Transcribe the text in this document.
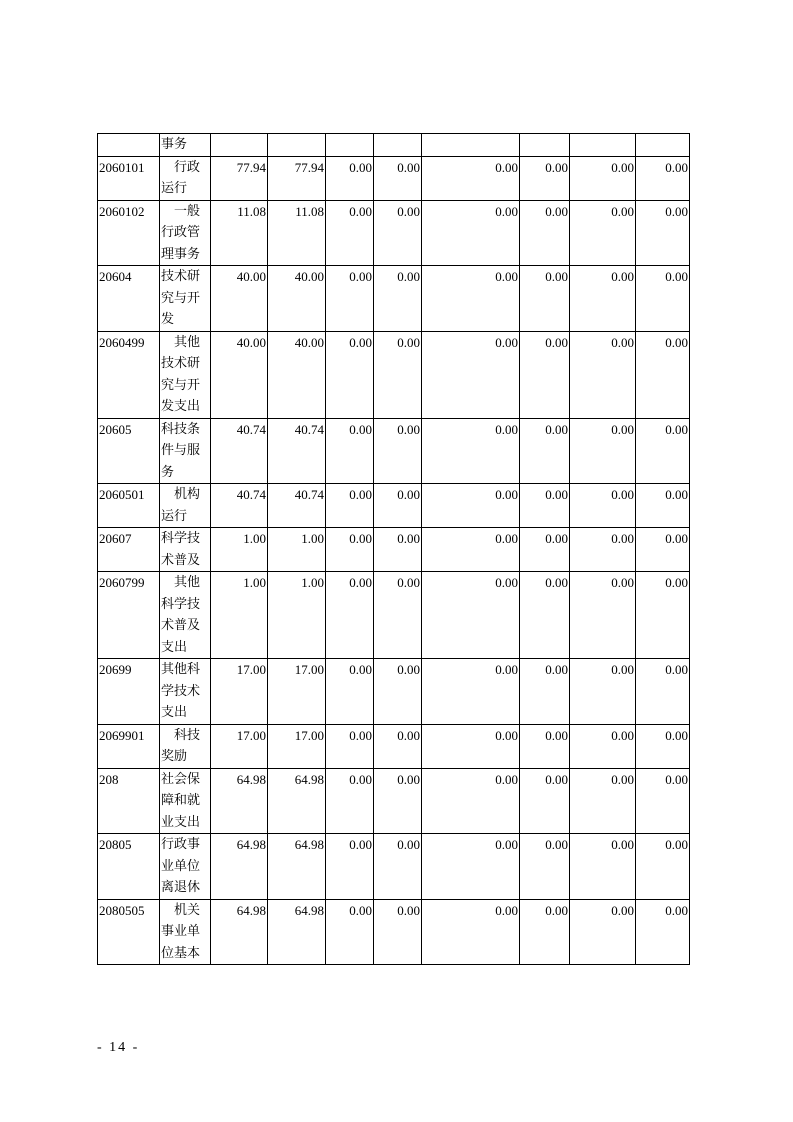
	事务								
2060101	　行政运行	77.94	77.94	0.00	0.00	0.00	0.00	0.00	0.00
2060102	　一般行政管理事务	11.08	11.08	0.00	0.00	0.00	0.00	0.00	0.00
20604	技术研究与开发	40.00	40.00	0.00	0.00	0.00	0.00	0.00	0.00
2060499	　其他技术研究与开发支出	40.00	40.00	0.00	0.00	0.00	0.00	0.00	0.00
20605	科技条件与服务	40.74	40.74	0.00	0.00	0.00	0.00	0.00	0.00
2060501	　机构运行	40.74	40.74	0.00	0.00	0.00	0.00	0.00	0.00
20607	科学技术普及	1.00	1.00	0.00	0.00	0.00	0.00	0.00	0.00
2060799	　其他科学技术普及支出	1.00	1.00	0.00	0.00	0.00	0.00	0.00	0.00
20699	其他科学技术支出	17.00	17.00	0.00	0.00	0.00	0.00	0.00	0.00
2069901	　科技奖励	17.00	17.00	0.00	0.00	0.00	0.00	0.00	0.00
208	社会保障和就业支出	64.98	64.98	0.00	0.00	0.00	0.00	0.00	0.00
20805	行政事业单位离退休	64.98	64.98	0.00	0.00	0.00	0.00	0.00	0.00
2080505	　机关事业单位基本	64.98	64.98	0.00	0.00	0.00	0.00	0.00	0.00
- 14 -
